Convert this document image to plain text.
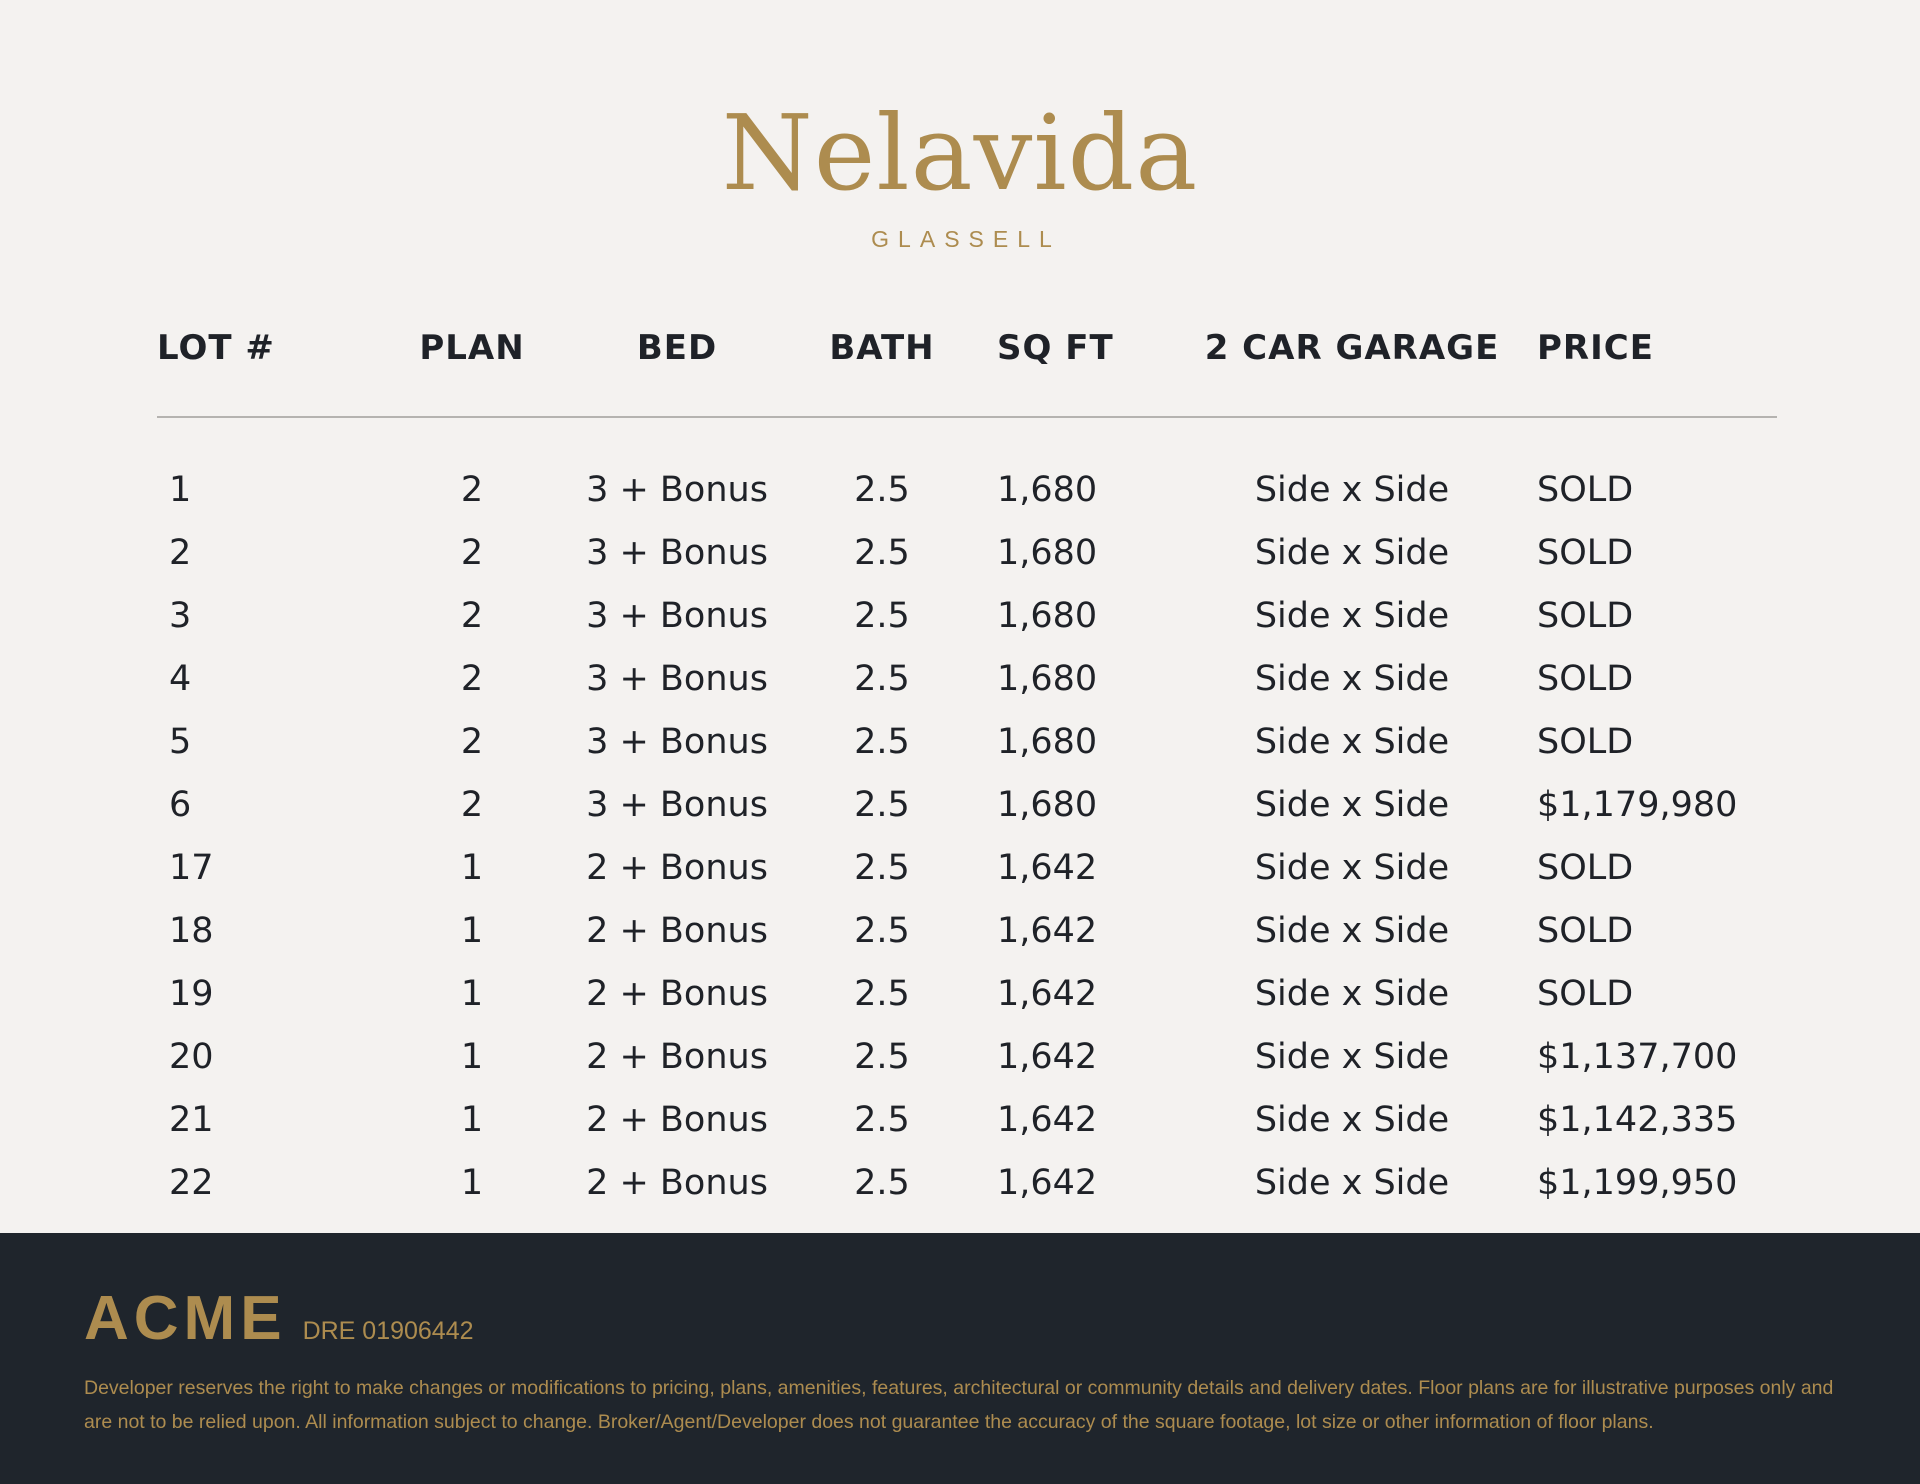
Nelavida
GLASSELL
LOT #	PLAN	BED	BATH	SQ FT	2 CAR GARAGE	PRICE
1	2	3 + Bonus	2.5	1,680	Side x Side	SOLD
2	2	3 + Bonus	2.5	1,680	Side x Side	SOLD
3	2	3 + Bonus	2.5	1,680	Side x Side	SOLD
4	2	3 + Bonus	2.5	1,680	Side x Side	SOLD
5	2	3 + Bonus	2.5	1,680	Side x Side	SOLD
6	2	3 + Bonus	2.5	1,680	Side x Side	$1,179,980
17	1	2 + Bonus	2.5	1,642	Side x Side	SOLD
18	1	2 + Bonus	2.5	1,642	Side x Side	SOLD
19	1	2 + Bonus	2.5	1,642	Side x Side	SOLD
20	1	2 + Bonus	2.5	1,642	Side x Side	$1,137,700
21	1	2 + Bonus	2.5	1,642	Side x Side	$1,142,335
22	1	2 + Bonus	2.5	1,642	Side x Side	$1,199,950
ACME DRE 01906442
Developer reserves the right to make changes or modifications to pricing, plans, amenities, features, architectural or community details and delivery dates. Floor plans are for illustrative purposes only and are not to be relied upon. All information subject to change. Broker/Agent/Developer does not guarantee the accuracy of the square footage, lot size or other information of floor plans.
